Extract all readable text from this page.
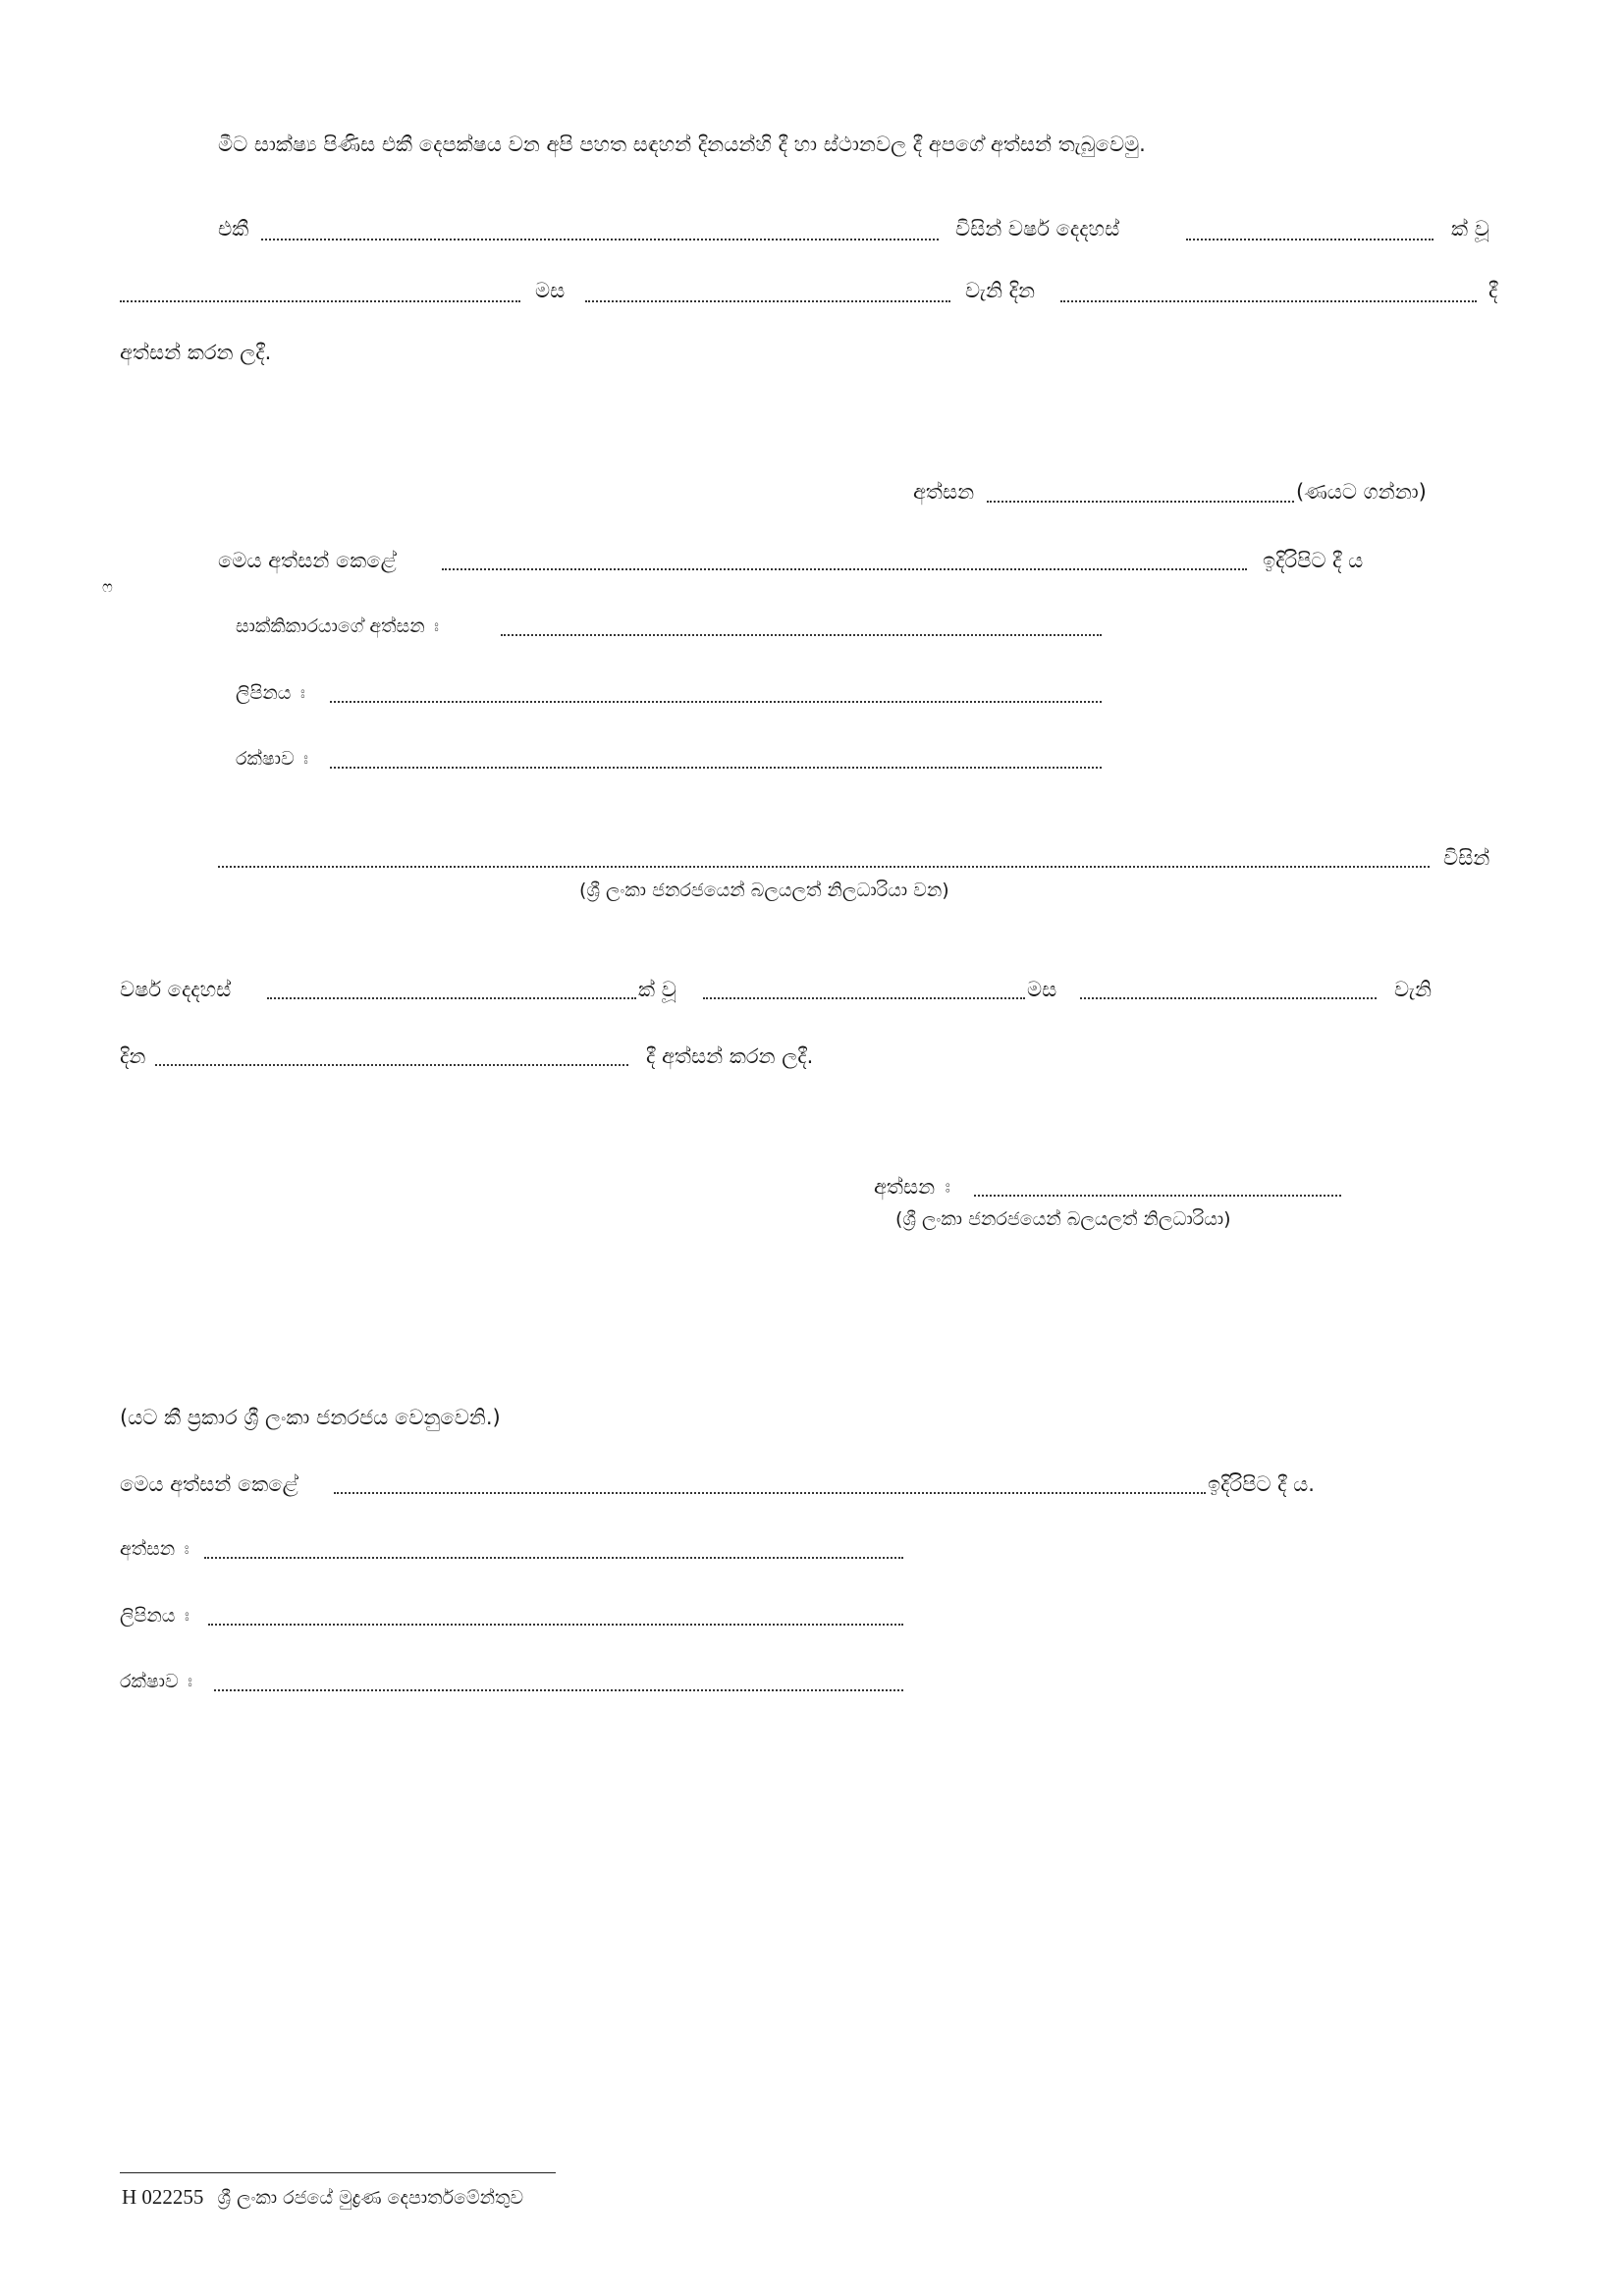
මීට සාක්ෂ්‍ය පිණිස එකී දෙපක්ෂය වන අපි පහත සඳහන් දිනයන්හි දී හා ස්ථානවල දී අපගේ අත්සන් තැබුවෙමු.
එකී	විසින් වර්ෂ දෙදහස්	ක් වූ
මස	වැනි දින	දී
අත්සන් කරන ලදී.
අත්සන	(ණයට ගන්නා)
මෙය අත්සන් කෙළේ	ඉදිරිපිට දී ය
ෆ
සාක්කිකාරයාගේ අත්සන ඃ
ලිපිනය ඃ
රක්ෂාව ඃ
විසින්
(ශ්‍රී ලංකා ජනරජයෙන් බලයලත් නිලධාරියා වන)
වර්ෂ දෙදහස්	ක් වූ	මස	වැනි
දින	දී අත්සන් කරන ලදී.
අත්සන ඃ
(ශ්‍රී ලංකා ජනරජයෙන් බලයලත් නිලධාරියා)
(යට කී ප්‍රකාර ශ්‍රී ලංකා ජනරජය වෙනුවෙනි.)
මෙය අත්සන් කෙළේ	ඉදිරිපිට දී ය.
අත්සන ඃ
ලිපිනය ඃ
රක්ෂාව ඃ
H 022255 ශ්‍රී ලංකා රජයේ මුද්‍රණ දෙපාර්තමේන්තුව
